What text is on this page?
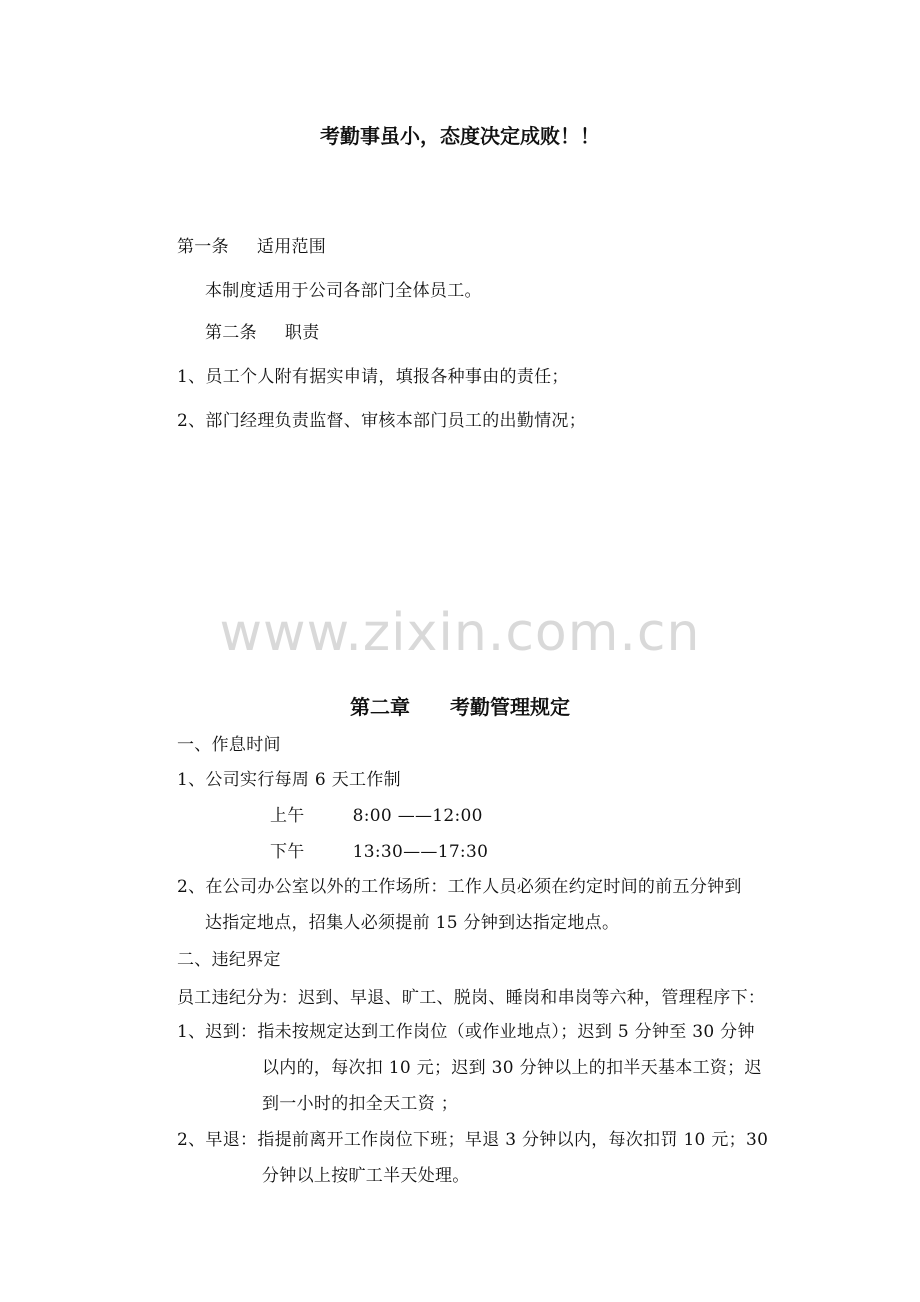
考勤事虽小，态度决定成败！！
第一条 适用范围
本制度适用于公司各部门全体员工。
第二条 职责
1、员工个人附有据实申请，填报各种事由的责任；
2、部门经理负责监督、审核本部门员工的出勤情况；
www.zixin.com.cn
第二章 考勤管理规定
一、作息时间
1、公司实行每周 6 天工作制
上午	8:00 ——12:00
下午	13:30——17:30
2、在公司办公室以外的工作场所：工作人员必须在约定时间的前五分钟到
达指定地点，招集人必须提前 15 分钟到达指定地点。
二、违纪界定
员工违纪分为：迟到、早退、旷工、脱岗、睡岗和串岗等六种，管理程序下：
1、迟到：指未按规定达到工作岗位（或作业地点）；迟到 5 分钟至 30 分钟
以内的，每次扣 10 元；迟到 30 分钟以上的扣半天基本工资；迟
到一小时的扣全天工资 ；
2、早退：指提前离开工作岗位下班；早退 3 分钟以内，每次扣罚 10 元；30
分钟以上按旷工半天处理。
